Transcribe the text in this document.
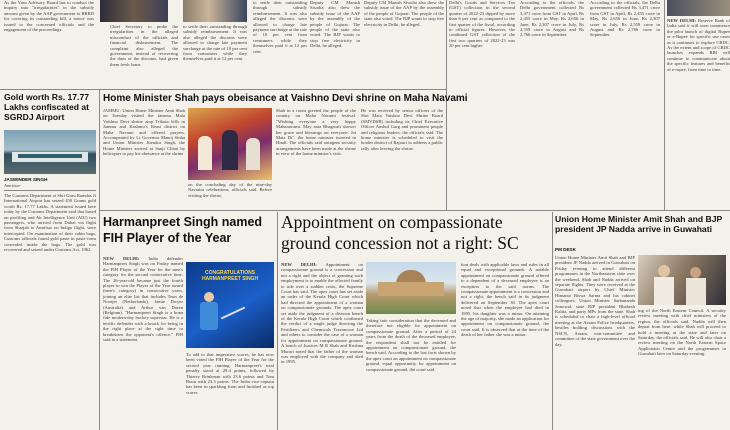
As the Vasu Advisory Board has to conduct the inquiry into "irregularities" in the subsidy amount given by the AAP government to BRRD for covering its outstanding bill, a notice was issued to the concerned officials and the engagement of the proceedings.
Chief Secretary to probe the irregularities in the alleged misconduct of the officials and financial disbursement. The complaint also alleged the government, instead of recovering the dues of the discoms, had given them fresh loans.
to settle their outstanding through subsidy reimbursement. It was also alleged the discoms were allowed to charge late payment surcharge at the rate of 18 per cent from consumers while they themselves paid it at 12 per cent.
to settle their outstanding through subsidy reimbursement. It was also alleged the discoms were allowed to charge late payment surcharge at the rate of 18 per cent from consumers while they themselves paid it at 12 per cent.
Deputy CM Manish Sisodia also drew the subsidy issue of the AAP by the assembly of the people of Gujarat. The people of the state also voted. The BJP wants to stop free electricity in Delhi, he alleged.
Deputy CM Manish Sisodia also drew the subsidy issue of the AAP by the assembly of the people of Gujarat. The people of the state also voted. The BJP wants to stop free electricity in Delhi, he alleged.
Delhi's Goods and Services Tax (GST) collection in the second quarter of 2022-23 dipped by more than 6 per cent as compared to the first quarter of the fiscal, according to official figures. However, the combined GST collection of the first two quarters of 2022-23 was 20 per cent higher.
According to the officials, the Delhi government collected Rs 3,471 crore from GST in April, Rs 2,455 crore in May, Rs 2,656 in June, Rs 2,307 crore in July, Rs 2,559 crore in August and Rs 2,766 crore in September.
According to the officials, the Delhi government collected Rs 3,471 crore from GST in April, Rs 2,455 crore in May, Rs 2,656 in June, Rs 2,307 crore in July, Rs 2,559 crore in August and Rs 2,766 crore in September.
NEW DELHI: Reserve Bank of India said it will soon commence the pilot launch of digital Rupee or e-Rupee for specific use cases as it continues to explore CBDC. As the extent and scope of CBDC launches expands RBI will continue to communicate about the specific features and benefits of e-rupee, from time to time.
Gold worth Rs. 17.77 Lakhs confiscated at SGRDJ Airport
JASWINDER SINGH
Amritsar
The Customs Department at Shri Guru Ramdas Ji International Airport has seized 450 Grams gold worth Rs. 17.77 Lakhs. A statement issued here today by the Customs Department said that based on profiling and Air Intelligence Unit (AIU) two passengers, who arrived from Dubai via flight from Sharjah to Amritsar on Indigo flight, were intercepted. On examination of their cabin bags, Customs officials found gold paste in paste form concealed inside the bags. The gold was recovered and seized under Customs Act, 1962.
Home Minister Shah pays obeisance at Vaishno Devi shrine on Maha Navami
JAMMU: Union Home Minister Amit Shah on Tuesday visited the famous Mata Vaishno Devi shrine atop Trikuta hills in Jammu and Kashmir's Reasi district on Maha Navami and offered prayers. Accompanied by Lt Governor Manoj Sinha and Union Minister Jitendra Singh, the Home Minister arrived at Sanji Chhat by helicopter to pay his obeisance at the shrine
on the concluding day of the nine-day Navratra celebrations, officials said. Before visiting the shrine,
Shah in a room greeted the people of the country on Maha Navami festival. "Wishing everyone a very happy Mahanavami. May maa Bhagwati shower her grace and blessings on everyone. Jai Mata Di", the home minister tweeted in Hindi. The officials said stringent security arrangements have been made at the shrine in view of the home minister's visit.
He was received by senior officers of the Shri Mata Vaishno Devi Shrine Board (SMVDSB) including its Chief Executive Officer Anshul Garg and prominent people and religious leaders, the officials said. The home minister is scheduled to visit the border district of Rajouri to address a public rally after leaving the shrine.
Harmanpreet Singh named FIH Player of the Year
NEW DELHI: India defender Harmanpreet Singh was on Friday named the FIH Player of the Year for the men's category for the second consecutive time. The 26-year-old became just the fourth player to win the Player of the Year award (men's category) in consecutive years, joining an elite list that includes Teun de Nooijer (Netherlands), Jamie Dwyer (Australia) and Arthur van Doren (Belgium). "Harmanpreet Singh is a bona fide modern-day hockey superstar. He is a terrific defender with a knack for being in the right place at the right time to breakdown the opponent's offence," FIH said in a statement.
CONGRATULATIONS HARMANPREET SINGH
To add to that imperative scores, he has now been voted the FIH Player of the Year for the second year running. Harmanpreet's total penalty stood at 29.4 points, followed by Thierry Brinkman with 23.6 points and Tom Boon with 23.3 points. The India vice-captain has been in sparkling form and finished as top scorer.
Appointment on compassionate
ground concession not a right: SC
NEW DELHI: Appointment on compassionate ground is a concession and not a right and the object of granting such employment is to enable the affected family to tide over a sudden crisis, the Supreme Court has said. The apex court has set aside an order of the Kerala High Court which had directed the appointment of a woman on compassionate grounds. The apex court set aside the judgment of a division bench of the Kerala High Court which confirmed the verdict of a single judge directing the Fertilizers and Chemicals Travancore Ltd and others to consider the case of a woman for appointment on compassionate ground. A bench of Justices M R Shah and Krishna Murari noted that the father of the woman was employed with the company and died in 1995.
Taking into consideration that the deceased and therefore not eligible for appointment on compassionate ground. After a period of 24 years from the death of the deceased employee, the respondent shall not be entitled for appointment on compassionate ground, the bench said. According to the last facts shown by the apex court an appointment on compassionate ground, equal opportunity for appointment on compassionate ground, the court said.
tion deals with applicable laws and rules in all equal and exceptional grounds. A notable appointment on compassionate ground offered to a dependent of a deceased employee is an exception to the said norms. The compassionate appointment is a concession and not a right, the bench said in its judgment delivered on September 30. The apex court noted that when the employee had died in 1995, his daughter was a minor. On attaining the age of majority, she made an application for appointment on compassionate ground, the court said. It is observed that at the time of the death of her father she was a minor.
Union Home Minister Amit Shah and BJP president JP Nadda arrive in Guwahati
PM DESK
Union Home Minister Amit Shah and BJP president JP Nadda arrived in Guwahati on Friday evening to attend different programmes in the Northeastern state over the weekend. Shah and Nadda arrived on separate flights. They were received at the Guwahati airport by Chief Minister Himanta Biswa Sarma and his cabinet colleagues, Union Minister Sarbananda Sonowal, state BJP president Bhabesh Kalita, and party MPs from the state. Shah is scheduled to chair a high-level official meeting at the Assam Police headquarters, besides holding discussions with the NSCN, Assam, non-committee and committee of the state government over the day.
ing of the North Eastern Council. A security review meeting with chief ministers of the region, the officials said. Nadda will then depart from here, while Shah will proceed to hold a meeting at the state and later on Saturday, the officials said. He will also chair a review meeting on the North Eastern Space Application Centre and the programmes in Guwahati later on Saturday evening.
